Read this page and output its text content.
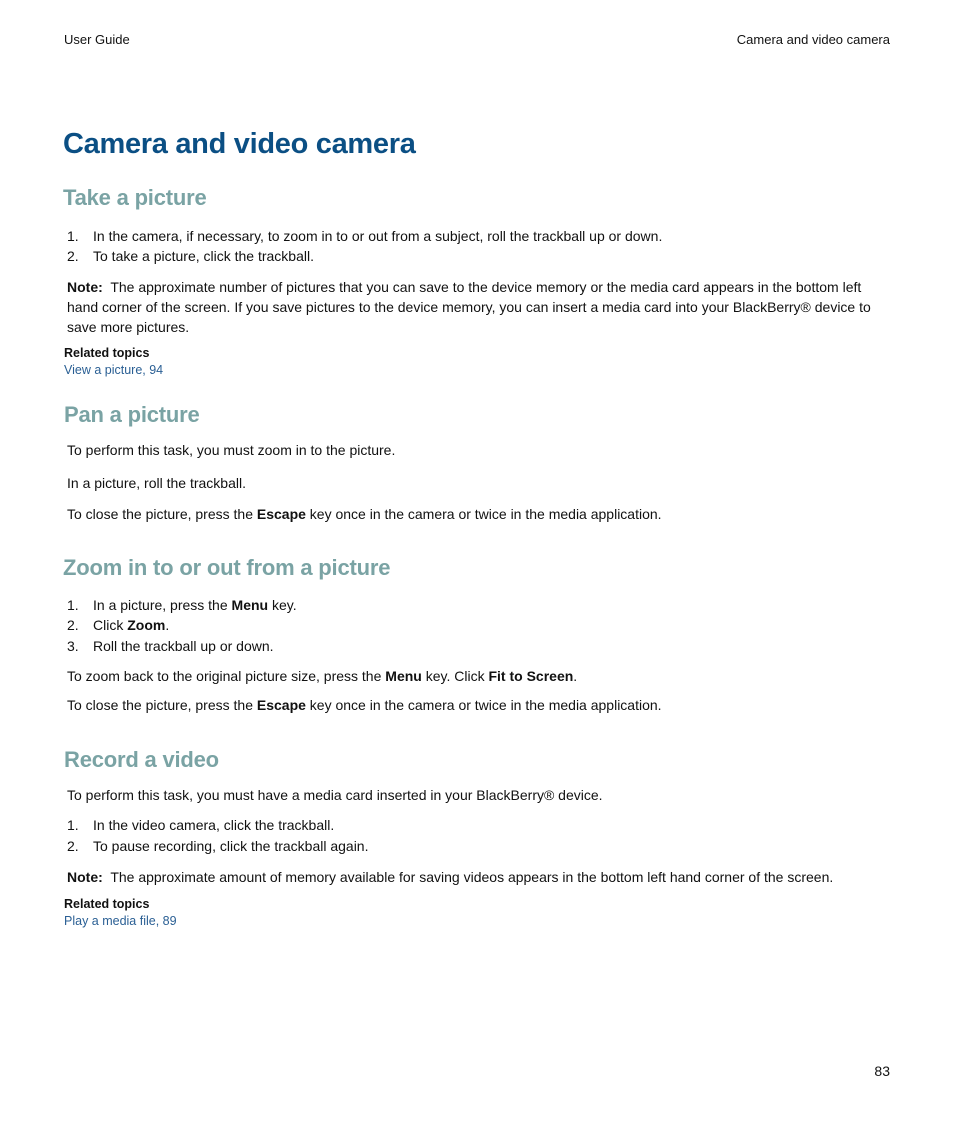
User Guide	Camera and video camera
Camera and video camera
Take a picture
1. In the camera, if necessary, to zoom in to or out from a subject, roll the trackball up or down.
2. To take a picture, click the trackball.
Note: The approximate number of pictures that you can save to the device memory or the media card appears in the bottom left hand corner of the screen. If you save pictures to the device memory, you can insert a media card into your BlackBerry® device to save more pictures.
Related topics
View a picture, 94
Pan a picture
To perform this task, you must zoom in to the picture.
In a picture, roll the trackball.
To close the picture, press the Escape key once in the camera or twice in the media application.
Zoom in to or out from a picture
1. In a picture, press the Menu key.
2. Click Zoom.
3. Roll the trackball up or down.
To zoom back to the original picture size, press the Menu key. Click Fit to Screen.
To close the picture, press the Escape key once in the camera or twice in the media application.
Record a video
To perform this task, you must have a media card inserted in your BlackBerry® device.
1. In the video camera, click the trackball.
2. To pause recording, click the trackball again.
Note: The approximate amount of memory available for saving videos appears in the bottom left hand corner of the screen.
Related topics
Play a media file, 89
83
